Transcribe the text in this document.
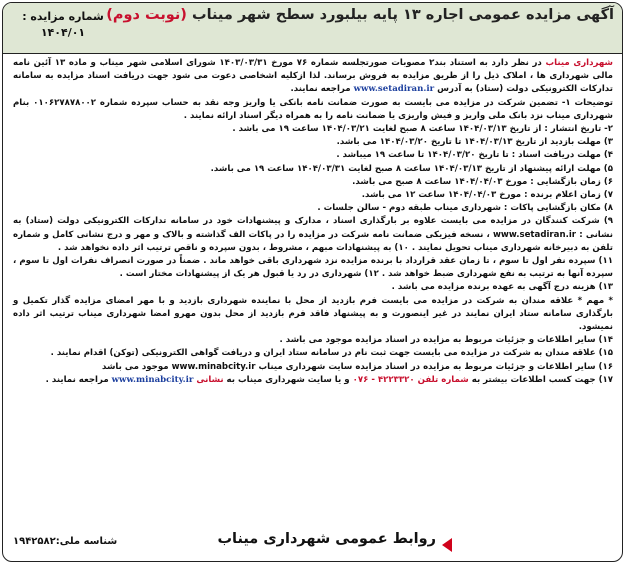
آگهی مزایده عمومی اجاره ۱۳ پایه بیلبورد سطح شهر میناب (نوبت دوم)
شماره مزایده :
۱۴۰۴/۰۱

شهرداری میناب در نظر دارد به استناد بند۲ مصوبات صورتجلسه شماره ۷۶ مورخ ۱۴۰۳/۰۳/۳۱ شورای اسلامی شهر میناب و ماده ۱۳ آئین نامه مالی شهرداری ها ، املاک ذیل را از طریق مزایده به فروش برساند. لذا ازکلیه اشخاصی دعوت می شود جهت دریافت اسناد مزایده به سامانه تدارکات الکترونیکی دولت (ستاد) به آدرس www.setadiran.ir مراجعه نمایند.

توضیحات ۱- تضمین شرکت در مزایده می بایست به صورت ضمانت نامه بانکی یا واریز وجه نقد به حساب سپرده شماره ۰۱۰۶۲۷۸۷۸۰۰۲ بنام شهرداری میناب نزد بانک ملی واریز و فیش واریزی یا ضمانت نامه را به همراه دیگر اسناد ارائه نمایند .

۲- تاریخ انتشار : از تاریخ ۱۴۰۴/۰۳/۱۳ ساعت ۸ صبح لغایت ۱۴۰۴/۰۳/۲۱ ساعت ۱۹ می باشد .

۳) مهلت بازدید از تاریخ ۱۴۰۴/۰۳/۱۳ تا تاریخ ۱۴۰۴/۰۳/۲۰ می باشد.

۴) مهلت دریافت اسناد : تا تاریخ ۱۴۰۴/۰۳/۲۰ تا ساعت ۱۹ میباشد .

۵) مهلت ارائه پیشنهاد از تاریخ ۱۴۰۴/۰۳/۱۳ ساعت ۸ صبح لغایت ۱۴۰۴/۰۳/۳۱ ساعت ۱۹ می باشد.

۶) زمان بازگشایی : مورخ ۱۴۰۴/۰۴/۰۳ ساعت ۸ صبح می باشد.

۷) زمان اعلام برنده : مورخ ۱۴۰۴/۰۴/۰۳ ساعت ۱۲ می باشد.

۸) مکان بازگشایی پاکات : شهرداری میناب طبقه دوم - سالن جلسات .

۹) شرکت کنندگان در مزایده می بایست علاوه بر بارگذاری اسناد ، مدارک و پیشنهادات خود در سامانه تدارکات الکترونیکی دولت (ستاد) به نشانی : www.setadiran.ir ، نسخه فیزیکی ضمانت نامه شرکت در مزایده را در پاکات الف گذاشته و بالاک و مهر و درج نشانی کامل و شماره تلفن به دبیرخانه شهرداری میناب تحویل نمایند . ۱۰) به پیشنهادات مبهم ، مشروط ، بدون سپرده و ناقص ترتیب اثر داده نخواهد شد .

۱۱) سپرده نفر اول تا سوم ، تا زمان عقد قرارداد با برنده مزایده نزد شهرداری باقی خواهد ماند . ضمناً در صورت انصراف نفرات اول تا سوم ، سپرده آنها به ترتیب به نفع شهرداری ضبط خواهد شد . ۱۲) شهرداری در رد یا قبول هر یک از پیشنهادات مختار است .

۱۳) هزینه درج آگهی به عهده برنده مزایده می باشد .

* مهم * علاقه مندان به شرکت در مزایده می بایست فرم بازدید از محل با نماینده شهرداری بازدید و با مهر امضای مزایده گذار تکمیل و بارگذاری سامانه ستاد ایران نمایند در غیر اینصورت و به پیشنهاد فاقد فرم بازدید از محل بدون مهرو امضا شهرداری میناب ترتیب اثر داده نمیشود.

۱۴) سایر اطلاعات و جزئیات مربوط به مزایده در اسناد مزایده موجود می باشد .

۱۵) علاقه مندان به شرکت در مزایده می بایست جهت ثبت نام در سامانه ستاد ایران و دریافت گواهی الکترونیکی (توکن) اقدام نمایند .

۱۶) سایر اطلاعات و جزئیات مربوط به مزایده در اسناد مزایده سایت شهرداری میناب www.minabcity.ir موجود می باشد

۱۷) جهت کسب اطلاعات بیشتر به شماره تلفن ۴۲۲۳۳۲۰ - ۰۷۶ و یا سایت شهرداری میناب به نشانی www.minabcity.ir مراجعه نمایند .

روابط عمومی شهرداری میناب
شناسه ملی:۱۹۴۲۵۸۲
